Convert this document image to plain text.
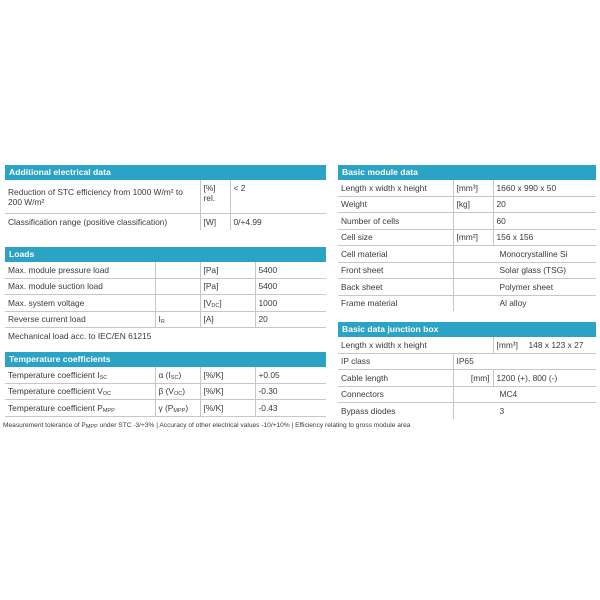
Additional electrical data
Reduction of STC efficiency from 1000 W/m² to 200 W/m²	[%] rel.	< 2
Classification range (positive classification)	[W]	0/+4.99
Loads
Max. module pressure load		[Pa]	5400
Max. module suction load		[Pa]	5400
Max. system voltage		$[V_{DC}]$	1000
Reverse current load	$I_R$	[A]	20
Mechanical load acc. to IEC/EN 61215			
Temperature coefficients
Temperature coefficient $I_{SC}$	α $(I_{SC})$	[%/K]	+0.05
Temperature coefficient $V_{OC}$	β $(V_{OC})$	[%/K]	-0.30
Temperature coefficient $P_{MPP}$	γ $(P_{MPP})$	[%/K]	-0.43
Basic module data
Length x width x height	[mm³]	1660 x 990 x 50
Weight	[kg]	20
Number of cells		60
Cell size	[mm²]	156 x 156
Cell material	Monocrystalline Si	
Front sheet	Solar glass (TSG)	
Back sheet	Polymer sheet	
Frame material	Al alloy	
Basic data junction box
Length x width x height		[mm³] 148 x 123 x 27
IP class	IP65	
Cable length	[mm]	1200 (+), 800 (-)
Connectors	MC4	
Bypass diodes	3	
Measurement tolerance of $P_{MPP}$ under STC -3/+3% | Accuracy of other electrical values -10/+10% | Efficiency relating to gross module area
